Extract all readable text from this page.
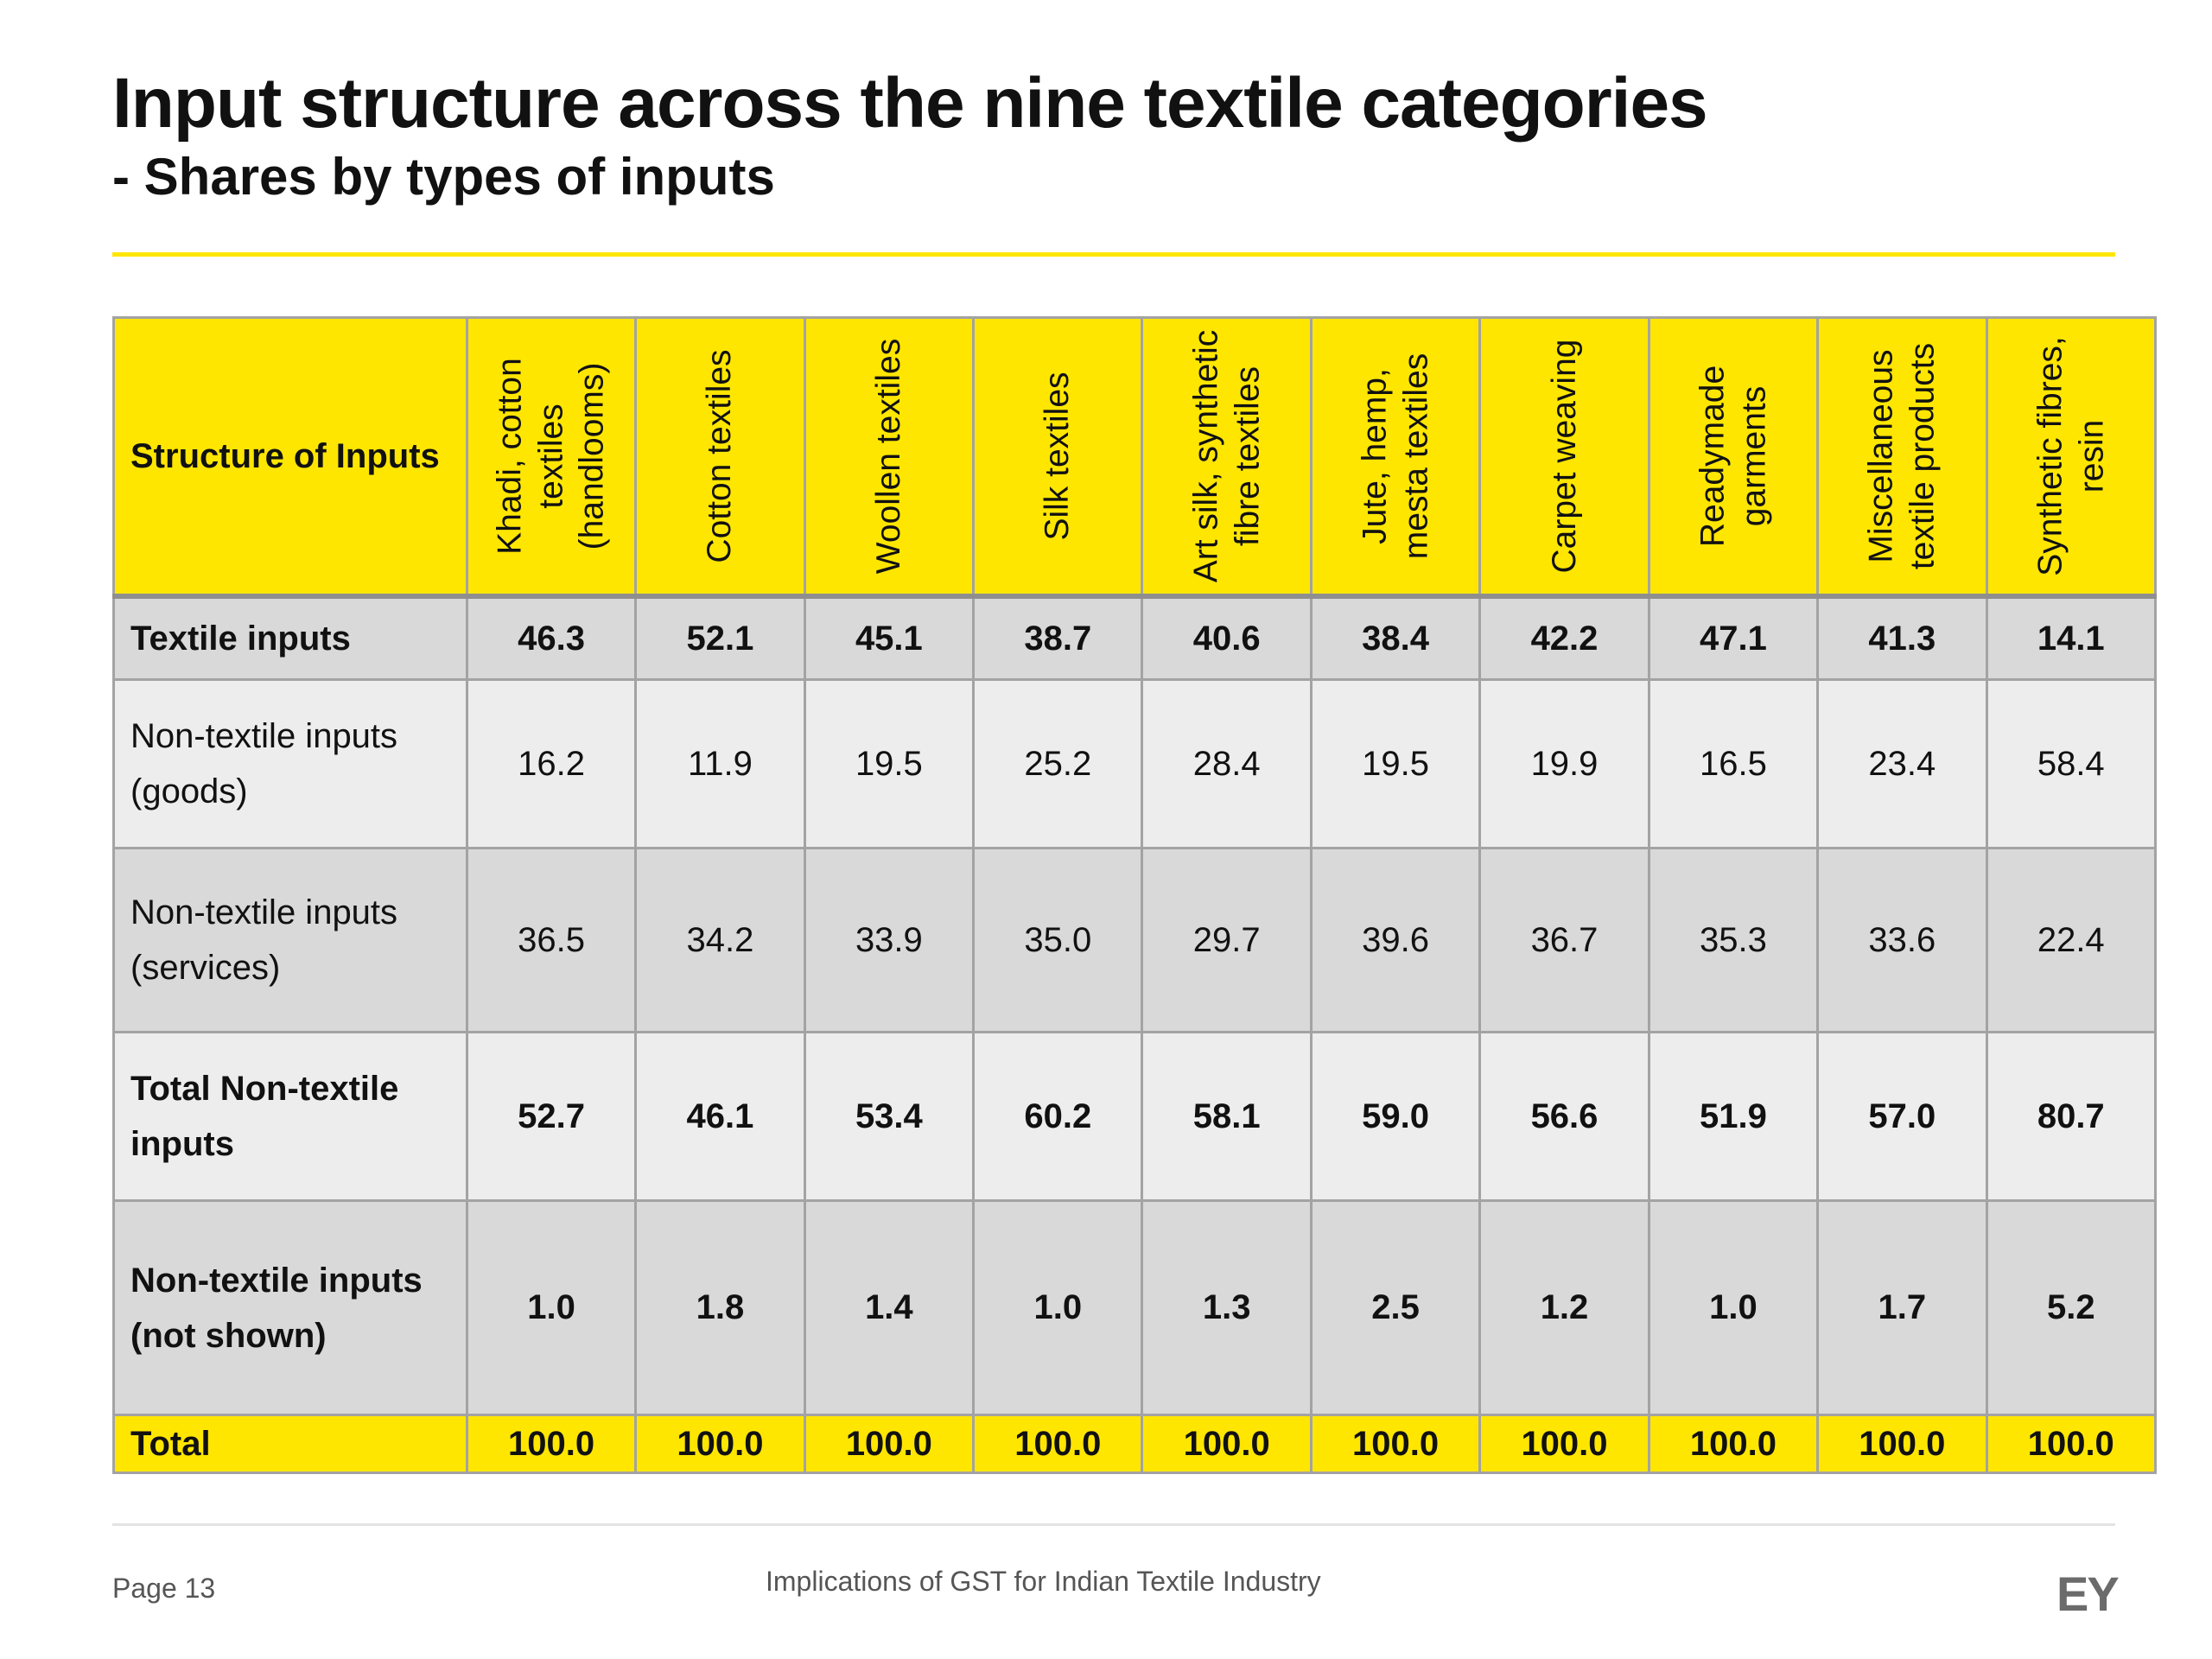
Input structure across the nine textile categories
- Shares by types of inputs
Structure of Inputs	Khadi, cotton textiles (handlooms)	Cotton textiles	Woollen textiles	Silk textiles	Art silk, synthetic fibre textiles	Jute, hemp, mesta textiles	Carpet weaving	Readymade garments	Miscellaneous textile products	Synthetic fibres, resin

Textile inputs	46.3	52.1	45.1	38.7	40.6	38.4	42.2	47.1	41.3	14.1
Non-textile inputs (goods)	16.2	11.9	19.5	25.2	28.4	19.5	19.9	16.5	23.4	58.4
Non-textile inputs (services)	36.5	34.2	33.9	35.0	29.7	39.6	36.7	35.3	33.6	22.4
Total Non-textile inputs	52.7	46.1	53.4	60.2	58.1	59.0	56.6	51.9	57.0	80.7
Non-textile inputs (not shown)	1.0	1.8	1.4	1.0	1.3	2.5	1.2	1.0	1.7	5.2
Total	100.0	100.0	100.0	100.0	100.0	100.0	100.0	100.0	100.0	100.0
Page 13	Implications of GST for Indian Textile Industry	EY
